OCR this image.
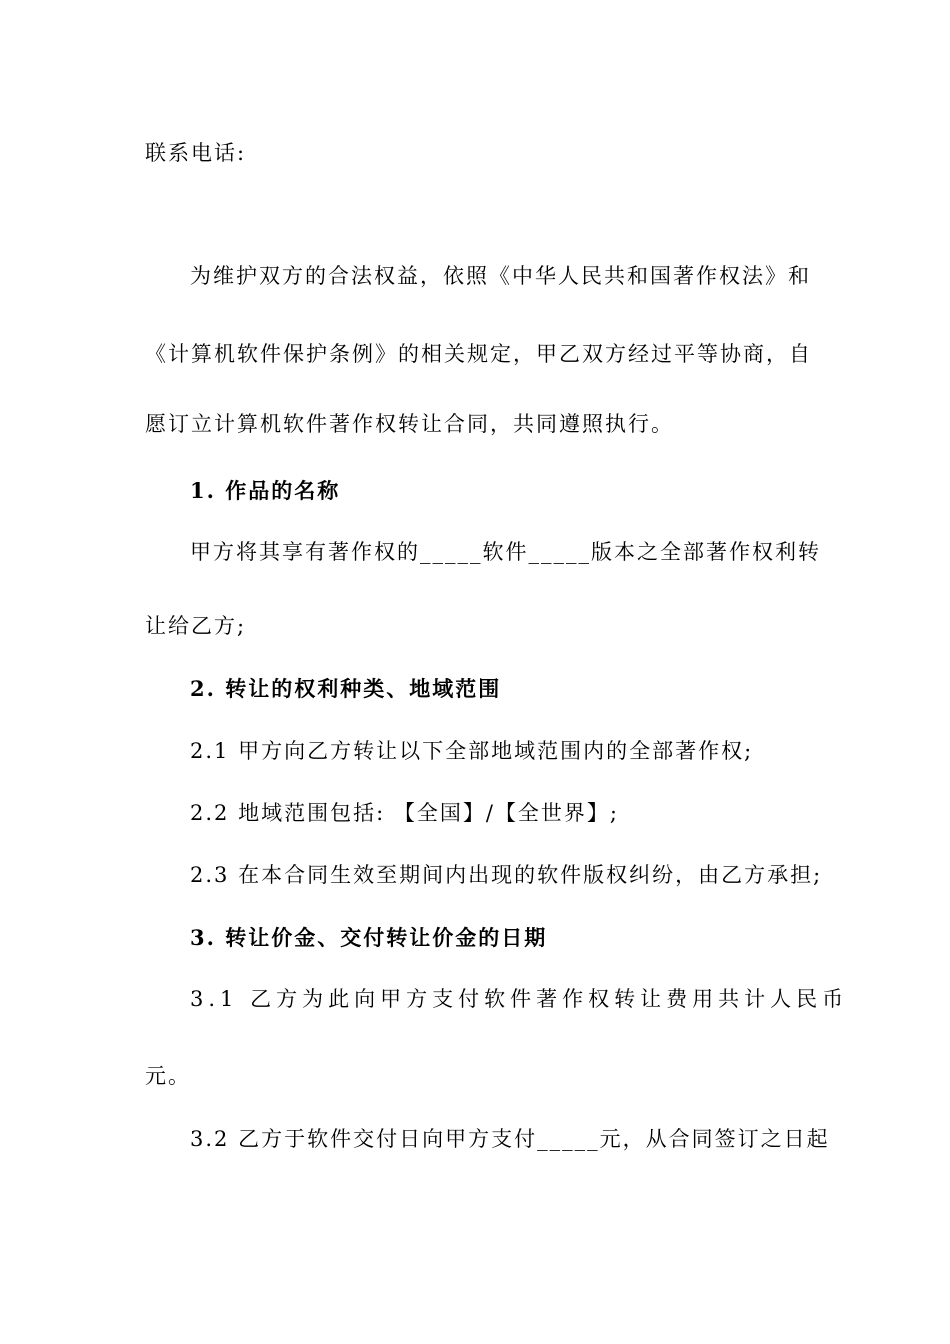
联系电话:
为维护双方的合法权益，依照《中华人民共和国著作权法》和
《计算机软件保护条例》的相关规定，甲乙双方经过平等协商，自
愿订立计算机软件著作权转让合同，共同遵照执行。
1. 作品的名称
甲方将其享有著作权的_____软件_____版本之全部著作权利转
让给乙方;
2. 转让的权利种类、地域范围
2.1 甲方向乙方转让以下全部地域范围内的全部著作权;
2.2 地域范围包括: 【全国】/【全世界】;
2.3 在本合同生效至期间内出现的软件版权纠纷，由乙方承担;
3. 转让价金、交付转让价金的日期
3.1 乙方为此向甲方支付软件著作权转让费用共计人民币
元。
3.2 乙方于软件交付日向甲方支付_____元，从合同签订之日起
